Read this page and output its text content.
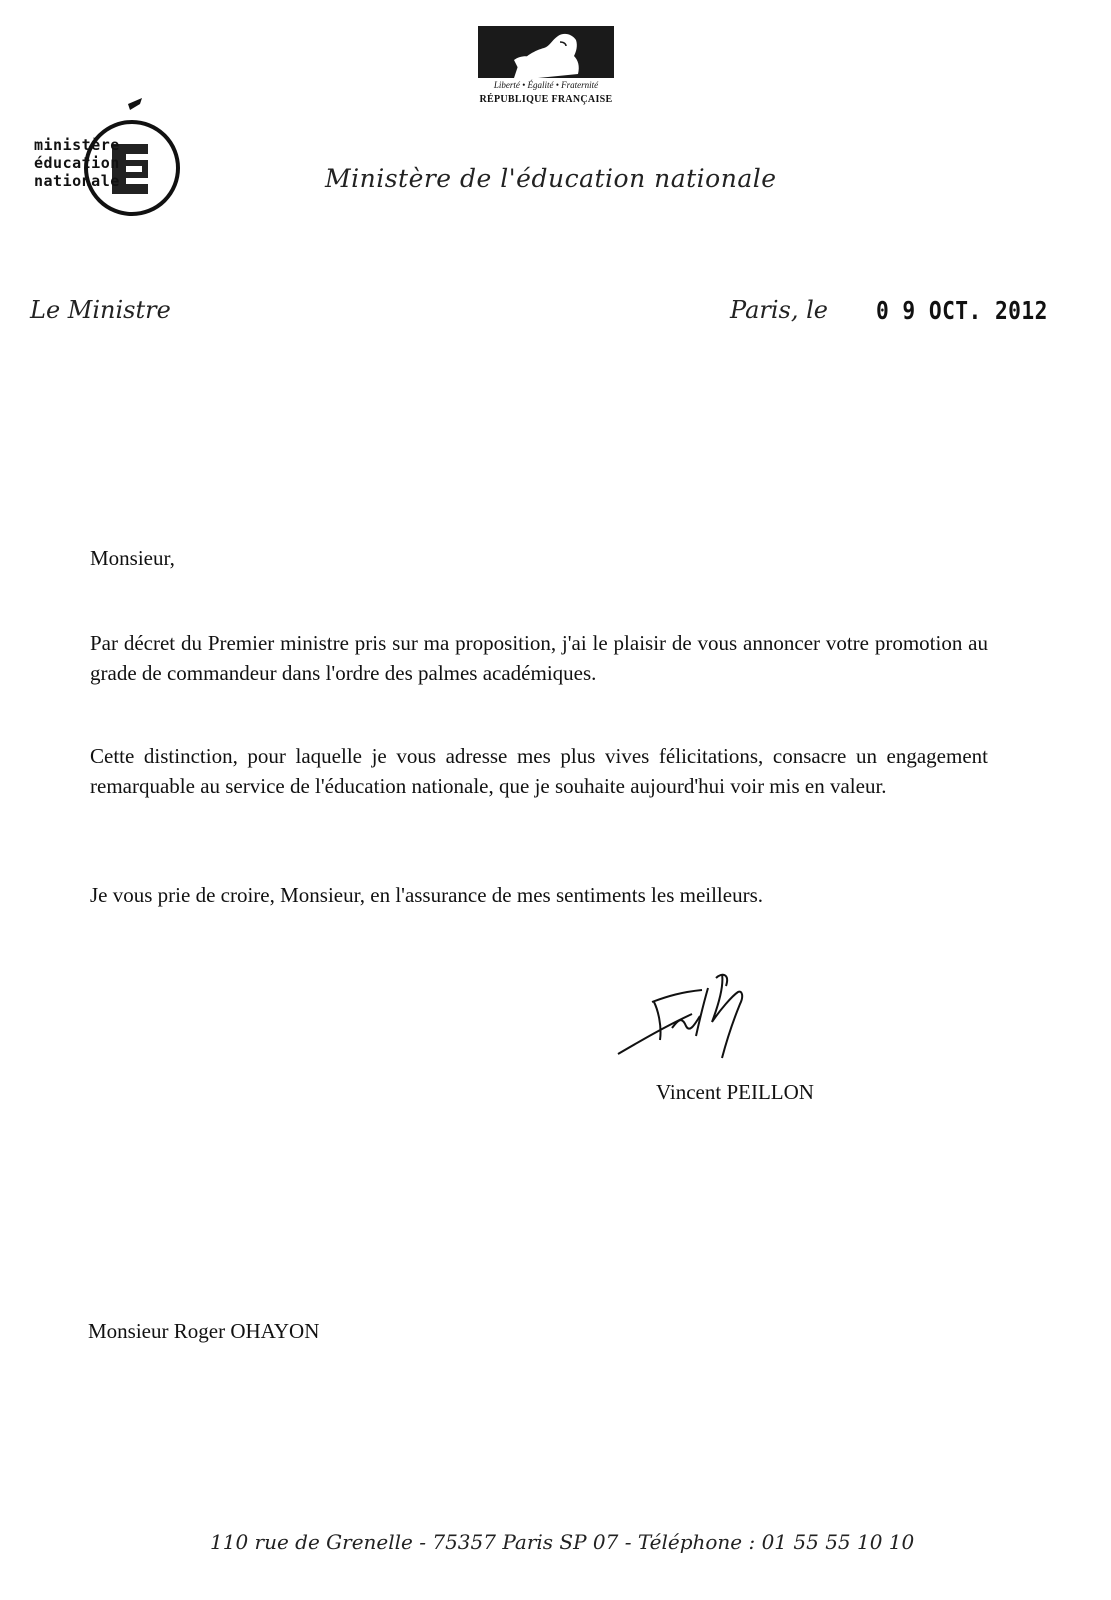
Liberté • Égalité • Fraternité
RÉPUBLIQUE FRANÇAISE
ministère
éducation
nationale	Ministère de l'éducation nationale
Le Ministre	Paris, le 0 9 OCT. 2012
Monsieur,
Par décret du Premier ministre pris sur ma proposition, j'ai le plaisir de vous annoncer votre promotion au grade de commandeur dans l'ordre des palmes académiques.
Cette distinction, pour laquelle je vous adresse mes plus vives félicitations, consacre un engagement remarquable au service de l'éducation nationale, que je souhaite aujourd'hui voir mis en valeur.
Je vous prie de croire, Monsieur, en l'assurance de mes sentiments les meilleurs.
Vincent PEILLON
Monsieur Roger OHAYON
110 rue de Grenelle - 75357 Paris SP 07 - Téléphone : 01 55 55 10 10
